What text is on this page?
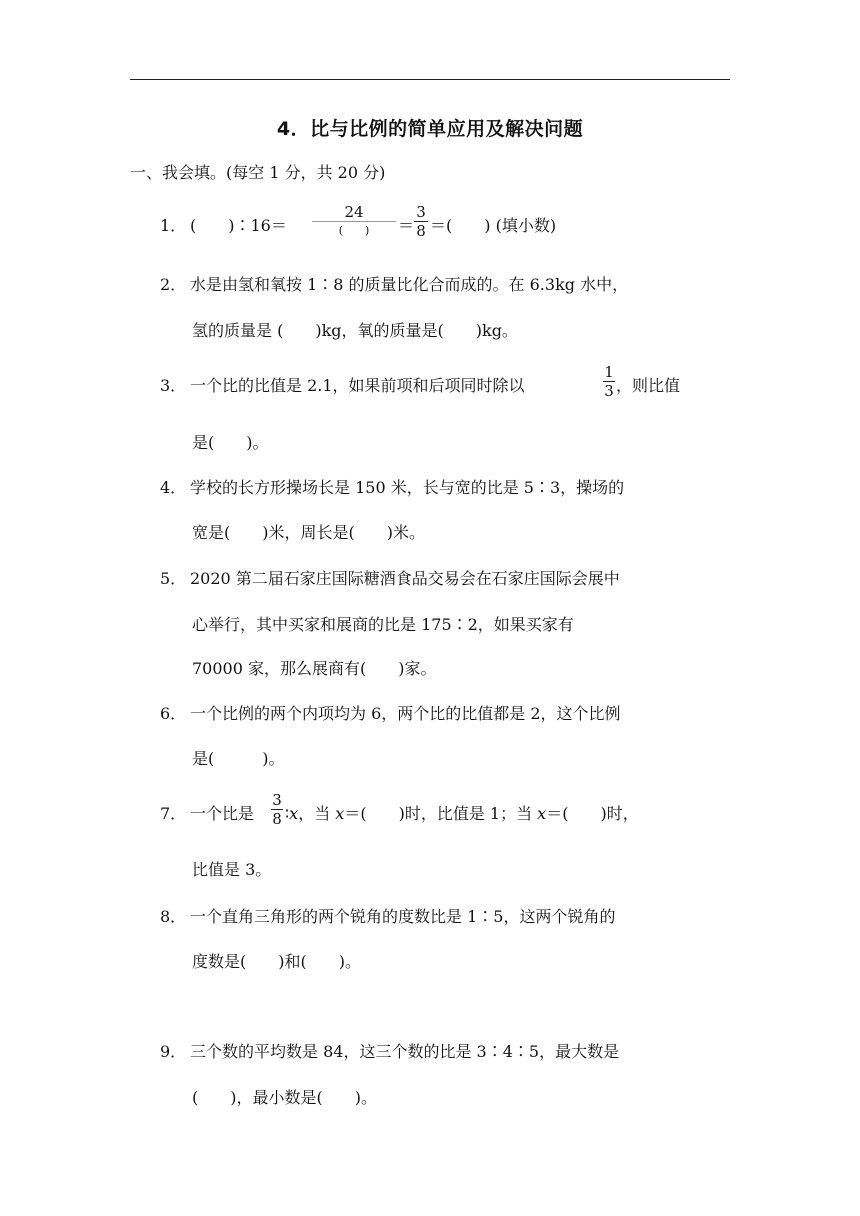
4．比与比例的简单应用及解决问题
一、我会填。(每空 1 分，共 20 分)
1． (　　)∶16＝
24
(　　)	＝
3
8 ＝(　　) (填小数)
2． 水是由氢和氧按 1∶8 的质量比化合而成的。在 6.3kg 水中，
氢的质量是 (　　)kg，氧的质量是(　　)kg。
3． 一个比的比值是 2.1，如果前项和后项同时除以
1
3 ，则比值
是(　　)。
4． 学校的长方形操场长是 150 米，长与宽的比是 5∶3，操场的
宽是(　　)米，周长是(　　)米。
5． 2020 第二届石家庄国际糖酒食品交易会在石家庄国际会展中
心举行，其中买家和展商的比是 175∶2，如果买家有
70000 家，那么展商有(　　)家。
6． 一个比例的两个内项均为 6，两个比的比值都是 2，这个比例
是(　　　)。
7． 一个比是
3
8 ∶x，当 x＝(　　)时，比值是 1；当 x＝(　　)时，
比值是 3。
8． 一个直角三角形的两个锐角的度数比是 1∶5，这两个锐角的
度数是(　　)和(　　)。
9． 三个数的平均数是 84，这三个数的比是 3∶4∶5，最大数是
(　　)，最小数是(　　)。
